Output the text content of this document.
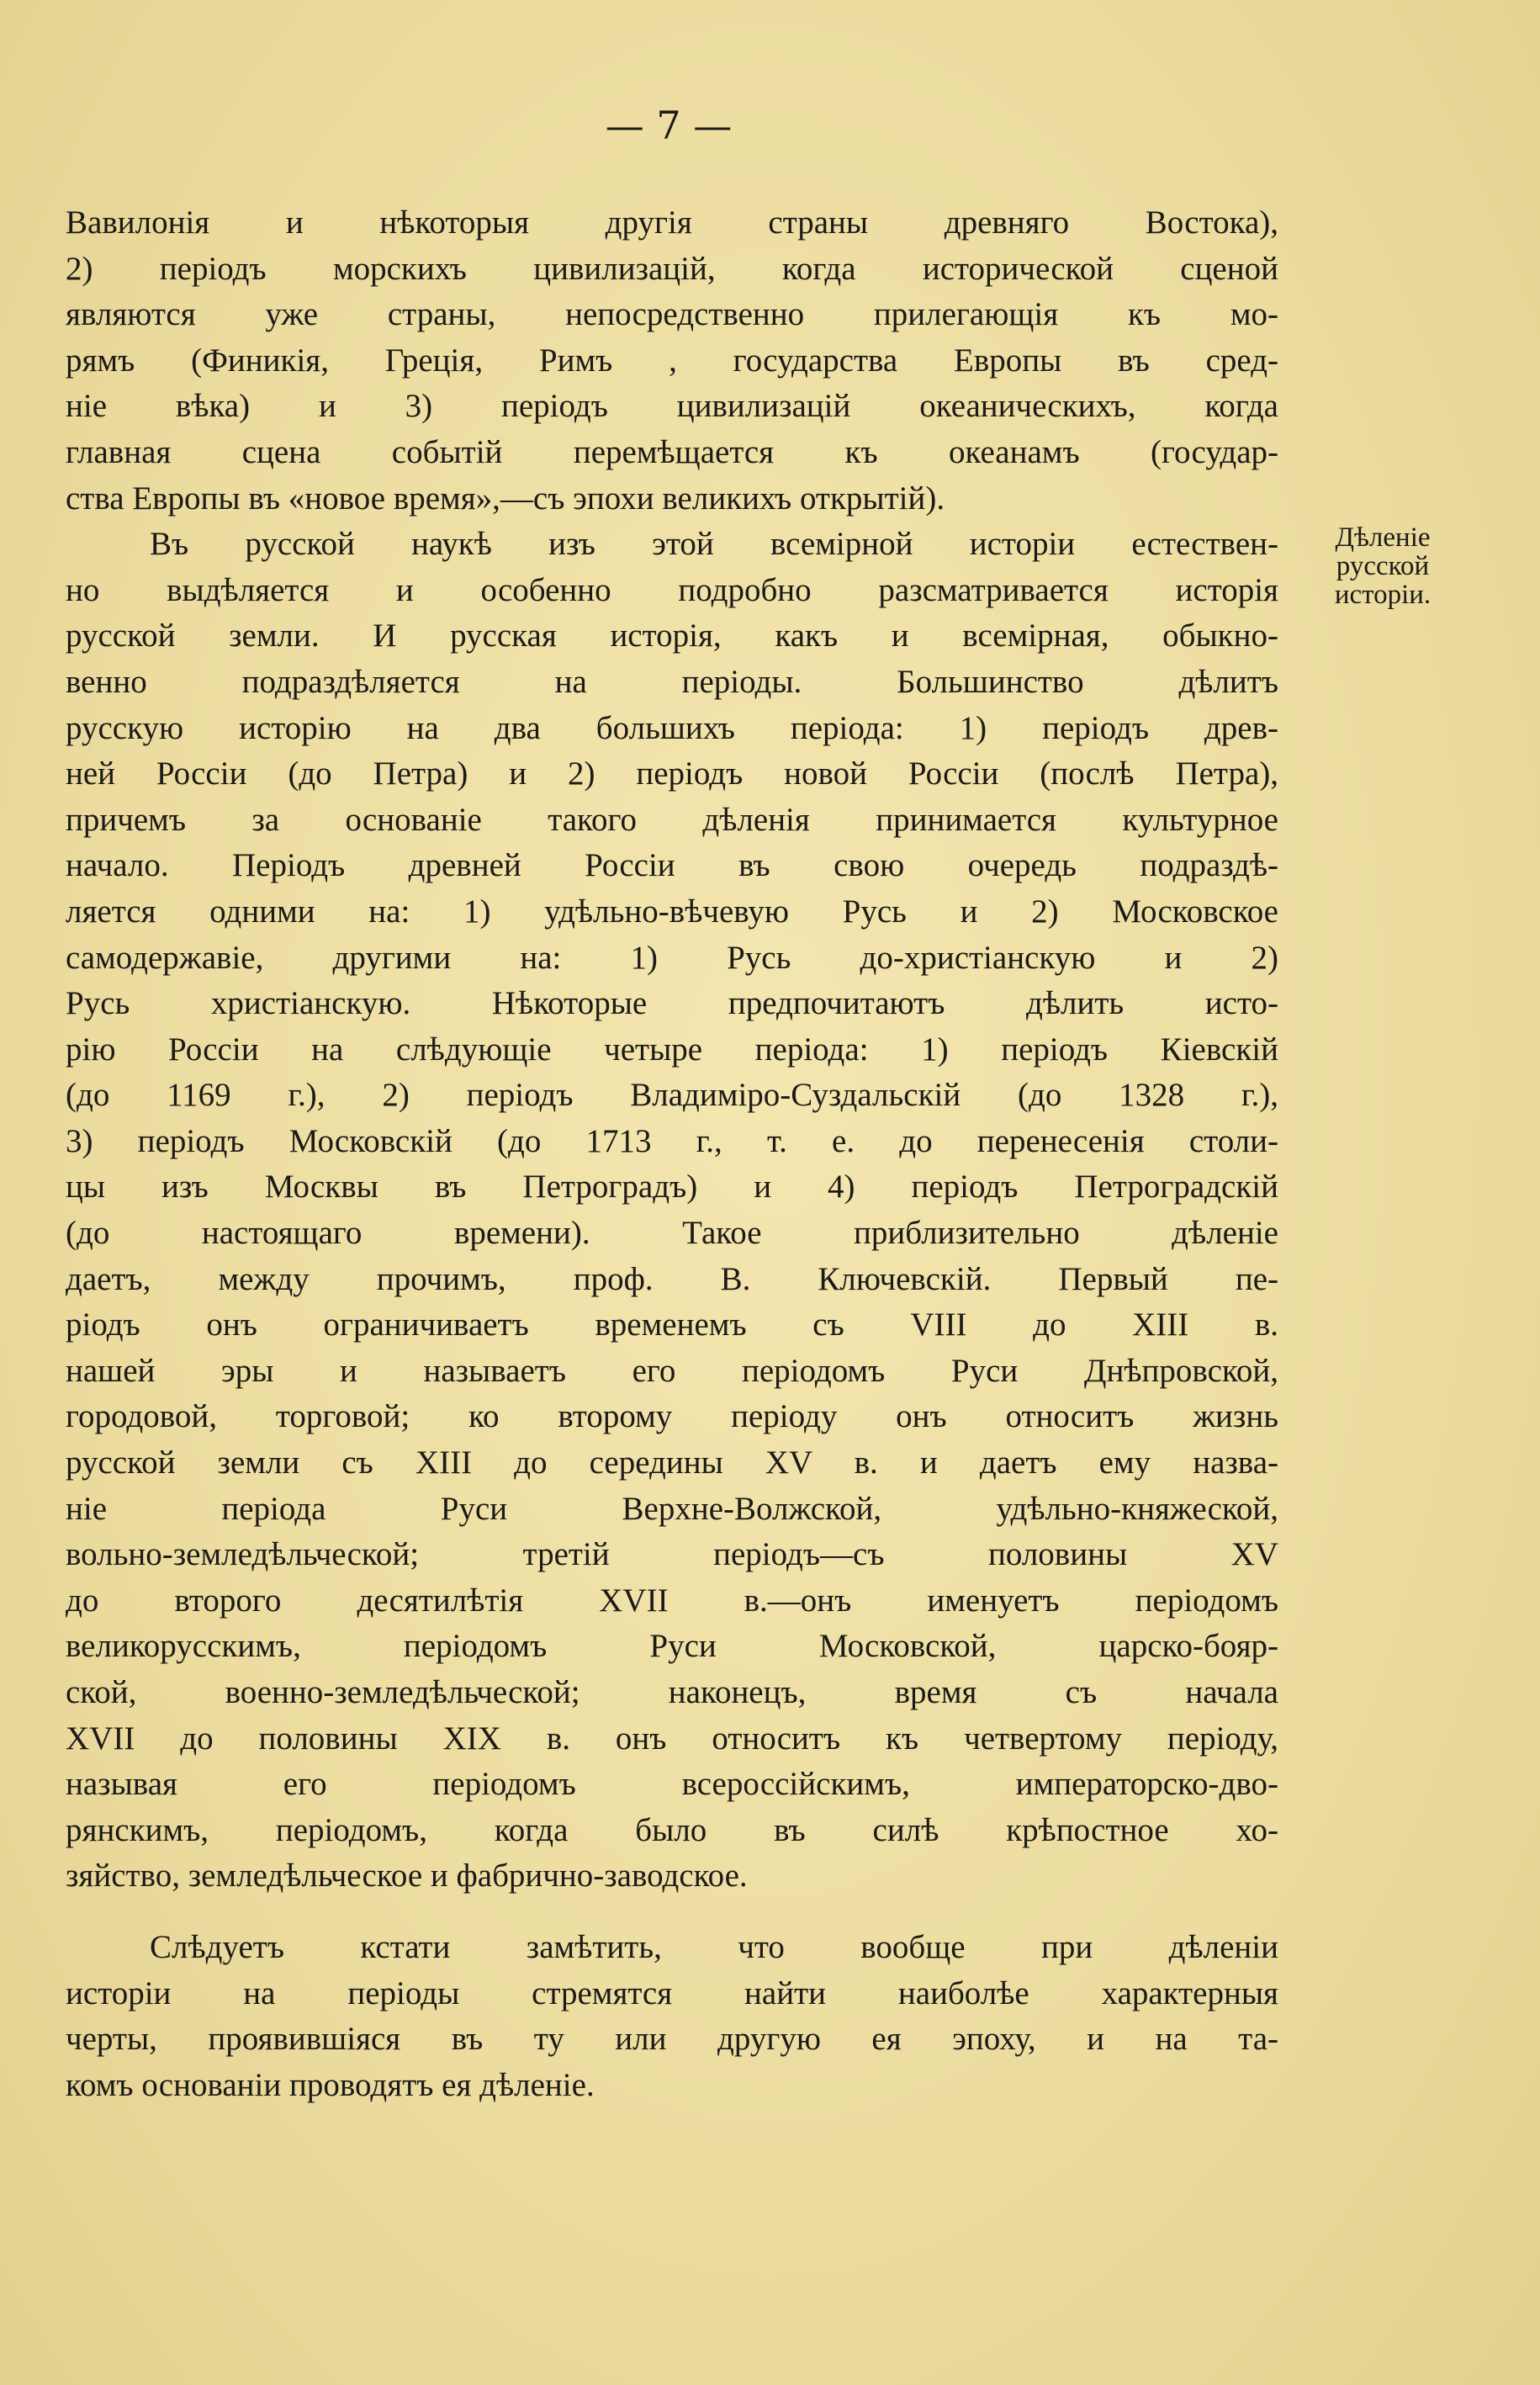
— 7 —
Дѣленіе
русской
исторіи.
Вавилонія и нѣкоторыя другія страны древняго Востока),
2) періодъ морскихъ цивилизацій, когда исторической сценой
являются уже страны, непосредственно прилегающія къ мо-
рямъ (Финикія, Греція, Римъ , государства Европы въ сред-
ніе вѣка) и 3) періодъ цивилизацій океаническихъ, когда
главная сцена событій перемѣщается къ океанамъ (государ-
ства Европы въ «новое время»,—съ эпохи великихъ открытій).
Въ русской наукѣ изъ этой всемірной исторіи естествен-
но выдѣляется и особенно подробно разсматривается исторія
русской земли. И русская исторія, какъ и всемірная, обыкно-
венно подраздѣляется на періоды. Большинство дѣлитъ
русскую исторію на два большихъ періода: 1) періодъ древ-
ней Россіи (до Петра) и 2) періодъ новой Россіи (послѣ Петра),
причемъ за основаніе такого дѣленія принимается культурное
начало. Періодъ древней Россіи въ свою очередь подраздѣ-
ляется одними на: 1) удѣльно-вѣчевую Русь и 2) Московское
самодержавіе, другими на: 1) Русь до-христіанскую и 2)
Русь христіанскую. Нѣкоторые предпочитаютъ дѣлить исто-
рію Россіи на слѣдующіе четыре періода: 1) періодъ Кіевскій
(до 1169 г.), 2) періодъ Владиміро-Суздальскій (до 1328 г.),
3) періодъ Московскій (до 1713 г., т. е. до перенесенія столи-
цы изъ Москвы въ Петроградъ) и 4) періодъ Петроградскій
(до настоящаго времени). Такое приблизительно дѣленіе
даетъ, между прочимъ, проф. В. Ключевскій. Первый пе-
ріодъ онъ ограничиваетъ временемъ съ VIII до XIII в.
нашей эры и называетъ его періодомъ Руси Днѣпровской,
городовой, торговой; ко второму періоду онъ относитъ жизнь
русской земли съ XIII до середины XV в. и даетъ ему назва-
ніе періода Руси Верхне-Волжской, удѣльно-княжеской,
вольно-земледѣльческой; третій періодъ—съ половины XV
до второго десятилѣтія XVII в.—онъ именуетъ періодомъ
великорусскимъ, періодомъ Руси Московской, царско-бояр-
ской, военно-земледѣльческой; наконецъ, время съ начала
XVII до половины XIX в. онъ относитъ къ четвертому періоду,
называя его періодомъ всероссійскимъ, императорско-дво-
рянскимъ, періодомъ, когда было въ силѣ крѣпостное хо-
зяйство, земледѣльческое и фабрично-заводское.
Слѣдуетъ кстати замѣтить, что вообще при дѣленіи
исторіи на періоды стремятся найти наиболѣе характерныя
черты, проявившіяся въ ту или другую ея эпоху, и на та-
комъ основаніи проводятъ ея дѣленіе.
